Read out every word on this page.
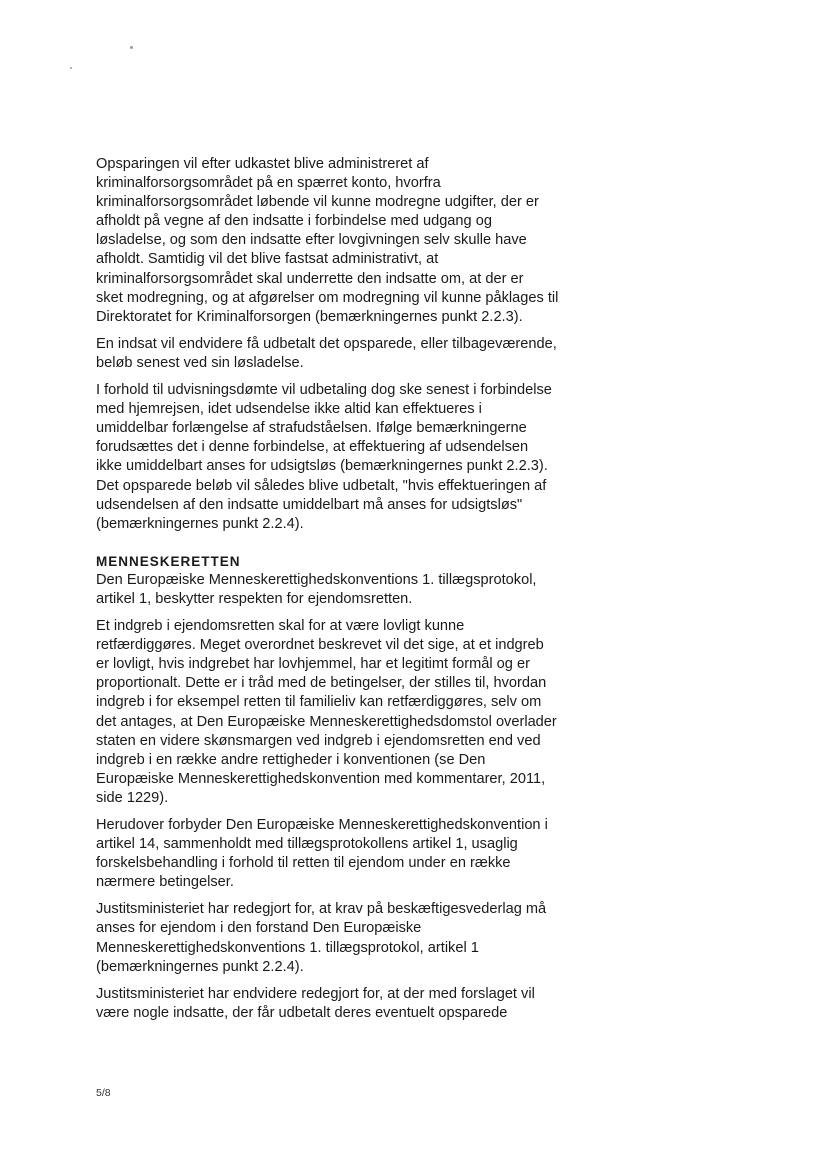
Opsparingen vil efter udkastet blive administreret af
kriminalforsorgsområdet på en spærret konto, hvorfra
kriminalforsorgsområdet løbende vil kunne modregne udgifter, der er
afholdt på vegne af den indsatte i forbindelse med udgang og
løsladelse, og som den indsatte efter lovgivningen selv skulle have
afholdt. Samtidig vil det blive fastsat administrativt, at
kriminalforsorgsområdet skal underrette den indsatte om, at der er
sket modregning, og at afgørelser om modregning vil kunne påklages til
Direktoratet for Kriminalforsorgen (bemærkningernes punkt 2.2.3).

En indsat vil endvidere få udbetalt det opsparede, eller tilbageværende,
beløb senest ved sin løsladelse.

I forhold til udvisningsdømte vil udbetaling dog ske senest i forbindelse
med hjemrejsen, idet udsendelse ikke altid kan effektueres i
umiddelbar forlængelse af strafudståelsen. Ifølge bemærkningerne
forudsættes det i denne forbindelse, at effektuering af udsendelsen
ikke umiddelbart anses for udsigtsløs (bemærkningernes punkt 2.2.3).
Det opsparede beløb vil således blive udbetalt, "hvis effektueringen af
udsendelsen af den indsatte umiddelbart må anses for udsigtsløs"
(bemærkningernes punkt 2.2.4).

MENNESKERETTEN

Den Europæiske Menneskerettighedskonventions 1. tillægsprotokol,
artikel 1, beskytter respekten for ejendomsretten.

Et indgreb i ejendomsretten skal for at være lovligt kunne
retfærdiggøres. Meget overordnet beskrevet vil det sige, at et indgreb
er lovligt, hvis indgrebet har lovhjemmel, har et legitimt formål og er
proportionalt. Dette er i tråd med de betingelser, der stilles til, hvordan
indgreb i for eksempel retten til familieliv kan retfærdiggøres, selv om
det antages, at Den Europæiske Menneskerettighedsdomstol overlader
staten en videre skønsmargen ved indgreb i ejendomsretten end ved
indgreb i en række andre rettigheder i konventionen (se Den
Europæiske Menneskerettighedskonvention med kommentarer, 2011,
side 1229).

Herudover forbyder Den Europæiske Menneskerettighedskonvention i
artikel 14, sammenholdt med tillægsprotokollens artikel 1, usaglig
forskelsbehandling i forhold til retten til ejendom under en række
nærmere betingelser.

Justitsministeriet har redegjort for, at krav på beskæftigesvederlag må
anses for ejendom i den forstand Den Europæiske
Menneskerettighedskonventions 1. tillægsprotokol, artikel 1
(bemærkningernes punkt 2.2.4).

Justitsministeriet har endvidere redegjort for, at der med forslaget vil
være nogle indsatte, der får udbetalt deres eventuelt opsparede

5/8
